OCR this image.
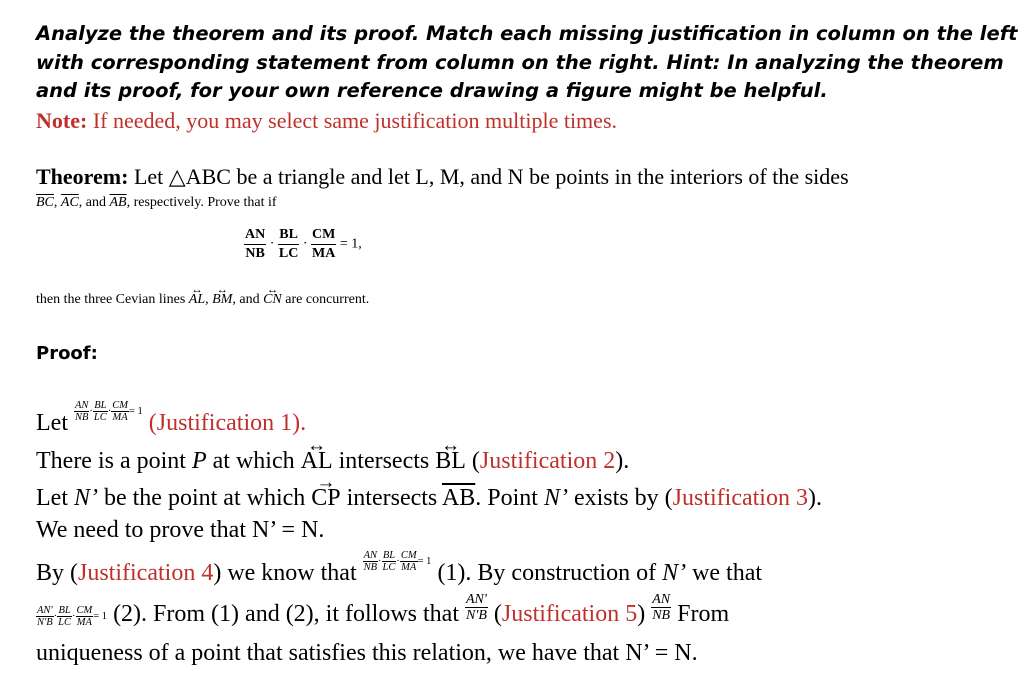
Analyze the theorem and its proof. Match each missing justification in column on the left
with corresponding statement from column on the right. Hint: In analyzing the theorem
and its proof, for your own reference drawing a figure might be helpful.
Note: If needed, you may select same justification multiple times.
Theorem: Let △ABC be a triangle and let L, M, and N be points in the interiors of the sides
$\overline{BC}$, $\overline{AC}$, and $\overline{AB}$, respectively. Prove that if
$\frac{AN}{NB} \cdot \frac{BL}{LC} \cdot \frac{CM}{MA} = 1$,
then the three Cevian lines ↔ AL, ↔ BM, and ↔ CN are concurrent.
Proof:
Let $\frac{AN}{NB} \cdot \frac{BL}{LC} \cdot \frac{CM}{MA} = 1$ (Justification 1).
There is a point P at which ↔ AL intersects ↔ BL (Justification 2).
Let N’ be the point at which → CP intersects $\overline{AB}$. Point N’ exists by (Justification 3).
We need to prove that N’ = N.
By (Justification 4) we know that $\frac{AN}{NB} \cdot \frac{BL}{LC} \cdot \frac{CM}{MA} = 1$ (1). By construction of N’ we that
$\frac{AN'}{N'B} \cdot \frac{BL}{LC} \cdot \frac{CM}{MA} = 1$ (2). From (1) and (2), it follows that $\frac{AN'}{N'B}$ (Justification $5) \frac{AN}{NB}$ From
uniqueness of a point that satisfies this relation, we have that N’ = N.
